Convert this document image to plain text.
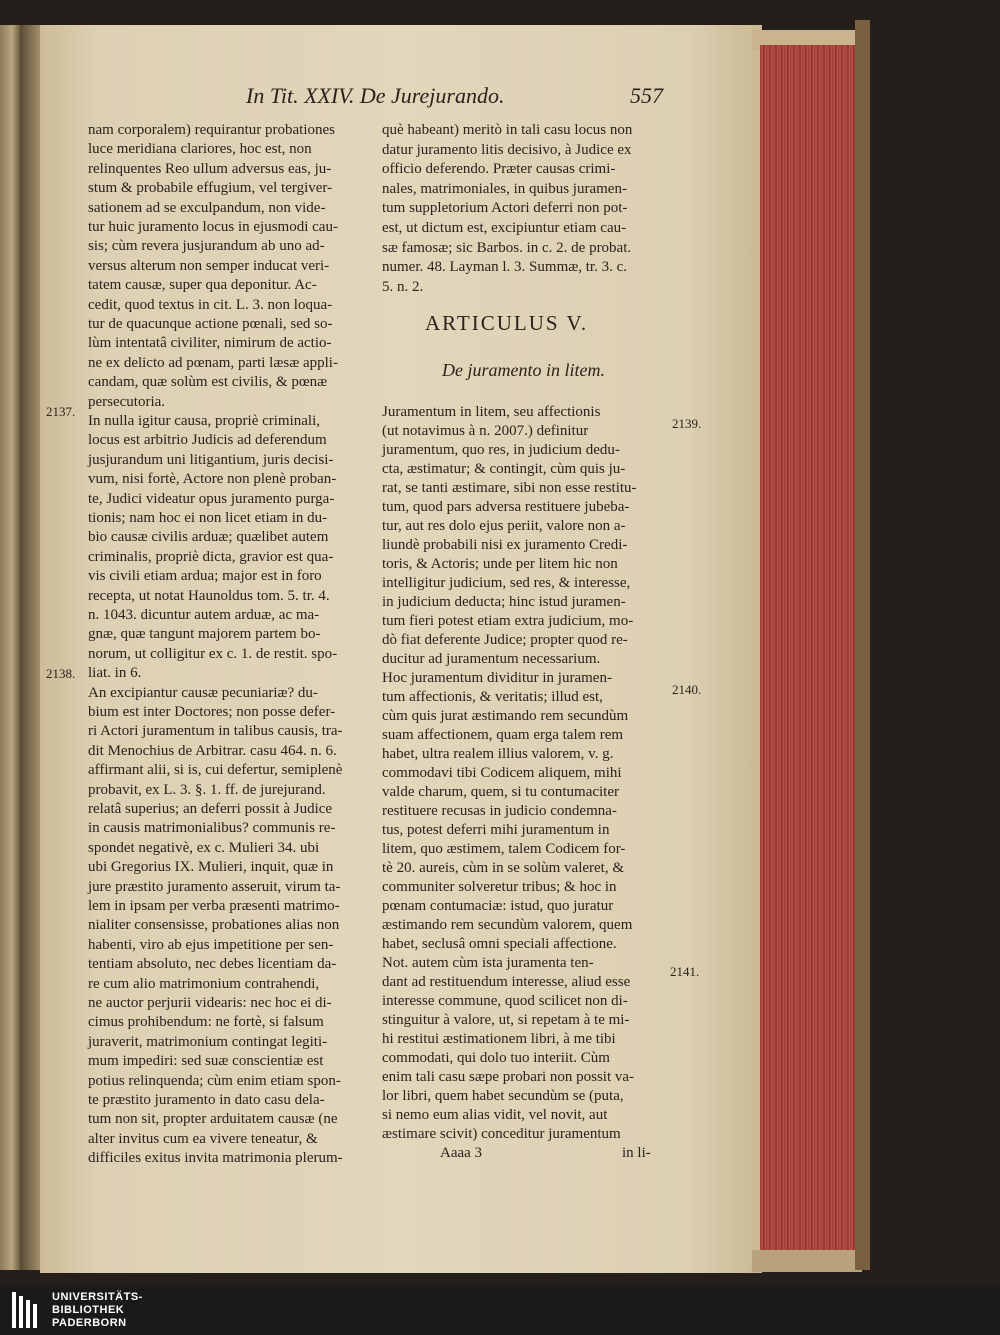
In Tit. XXIV. De Jurejurando.	557
nam corporalem) requirantur probationes
luce meridiana clariores, hoc est, non
relinquentes Reo ullum adversus eas, ju-
stum & probabile effugium, vel tergiver-
sationem ad se exculpandum, non vide-
tur huic juramento locus in ejusmodi cau-
sis; cùm revera jusjurandum ab uno ad-
versus alterum non semper inducat veri-
tatem causæ, super qua deponitur. Ac-
cedit, quod textus in cit. L. 3. non loqua-
tur de quacunque actione pœnali, sed so-
lùm intentatâ civiliter, nimirum de actio-
ne ex delicto ad pœnam, parti læsæ appli-
candam, quæ solùm est civilis, & pœnæ
persecutoria.
In nulla igitur causa, propriè criminali,
locus est arbitrio Judicis ad deferendum
jusjurandum uni litigantium, juris decisi-
vum, nisi fortè, Actore non plenè proban-
te, Judici videatur opus juramento purga-
tionis; nam hoc ei non licet etiam in du-
bio causæ civilis arduæ; quælibet autem
criminalis, propriè dicta, gravior est qua-
vis civili etiam ardua; major est in foro
recepta, ut notat Haunoldus tom. 5. tr. 4.
n. 1043. dicuntur autem arduæ, ac ma-
gnæ, quæ tangunt majorem partem bo-
norum, ut colligitur ex c. 1. de restit. spo-
liat. in 6.
An excipiantur causæ pecuniariæ? du-
bium est inter Doctores; non posse defer-
ri Actori juramentum in talibus causis, tra-
dit Menochius de Arbitrar. casu 464. n. 6.
affirmant alii, si is, cui defertur, semiplenè
probavit, ex L. 3. §. 1. ff. de jurejurand.
relatâ superius; an deferri possit à Judice
in causis matrimonialibus? communis re-
spondet negativè, ex c. Mulieri 34. ubi
ubi Gregorius IX. Mulieri, inquit, quæ in
jure præstito juramento asseruit, virum ta-
lem in ipsam per verba præsenti matrimo-
nialiter consensisse, probationes alias non
habenti, viro ab ejus impetitione per sen-
tentiam absoluto, nec debes licentiam da-
re cum alio matrimonium contrahendi,
ne auctor perjurii videaris: nec hoc ei di-
cimus prohibendum: ne fortè, si falsum
juraverit, matrimonium contingat legiti-
mum impediri: sed suæ conscientiæ est
potius relinquenda; cùm enim etiam spon-
te præstito juramento in dato casu dela-
tum non sit, propter arduitatem causæ (ne
alter invitus cum ea vivere teneatur, &
difficiles exitus invita matrimonia plerum-
què habeant) meritò in tali casu locus non
datur juramento litis decisivo, à Judice ex
officio deferendo. Præter causas crimi-
nales, matrimoniales, in quibus juramen-
tum suppletorium Actori deferri non pot-
est, ut dictum est, excipiuntur etiam cau-
sæ famosæ; sic Barbos. in c. 2. de probat.
numer. 48. Layman l. 3. Summæ, tr. 3. c.
5. n. 2.
ARTICULUS V.
De juramento in litem.
Juramentum in litem, seu affectionis
(ut notavimus à n. 2007.) definitur
juramentum, quo res, in judicium dedu-
cta, æstimatur; & contingit, cùm quis ju-
rat, se tanti æstimare, sibi non esse restitu-
tum, quod pars adversa restituere jubeba-
tur, aut res dolo ejus periit, valore non a-
liundè probabili nisi ex juramento Credi-
toris, & Actoris; unde per litem hic non
intelligitur judicium, sed res, & interesse,
in judicium deducta; hinc istud juramen-
tum fieri potest etiam extra judicium, mo-
dò fiat deferente Judice; propter quod re-
ducitur ad juramentum necessarium.
Hoc juramentum dividitur in juramen-
tum affectionis, & veritatis; illud est,
cùm quis jurat æstimando rem secundùm
suam affectionem, quam erga talem rem
habet, ultra realem illius valorem, v. g.
commodavi tibi Codicem aliquem, mihi
valde charum, quem, si tu contumaciter
restituere recusas in judicio condemna-
tus, potest deferri mihi juramentum in
litem, quo æstimem, talem Codicem for-
tè 20. aureis, cùm in se solùm valeret, &
communiter solveretur tribus; & hoc in
pœnam contumaciæ: istud, quo juratur
æstimando rem secundùm valorem, quem
habet, seclusâ omni speciali affectione.
Not. autem cùm ista juramenta ten-
dant ad restituendum interesse, aliud esse
interesse commune, quod scilicet non di-
stinguitur à valore, ut, si repetam à te mi-
hi restitui æstimationem libri, à me tibi
commodati, qui dolo tuo interiit. Cùm
enim tali casu sæpe probari non possit va-
lor libri, quem habet secundùm se (puta,
si nemo eum alias vidit, vel novit, aut
æstimare scivit) conceditur juramentum
Aaaa 3	in li-
2137.
2138.
2139.
2140.
2141.
UNIVERSITÄTS-
BIBLIOTHEK
PADERBORN
